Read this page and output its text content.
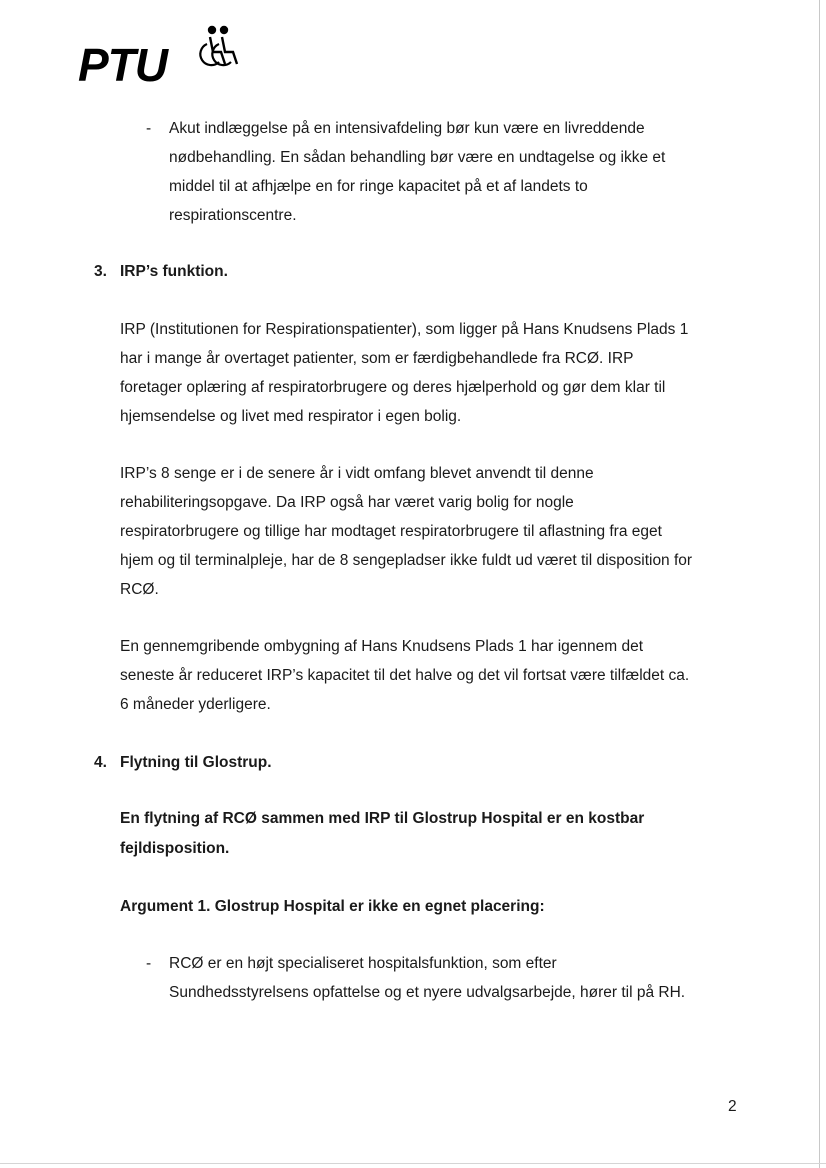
PTU
- Akut indlæggelse på en intensivafdeling bør kun være en livreddende
nødbehandling. En sådan behandling bør være en undtagelse og ikke et
middel til at afhjælpe en for ringe kapacitet på et af landets to
respirationscentre.
3. IRP’s funktion.
IRP (Institutionen for Respirationspatienter), som ligger på Hans Knudsens Plads 1
har i mange år overtaget patienter, som er færdigbehandlede fra RCØ. IRP
foretager oplæring af respiratorbrugere og deres hjælperhold og gør dem klar til
hjemsendelse og livet med respirator i egen bolig.
IRP’s 8 senge er i de senere år i vidt omfang blevet anvendt til denne
rehabiliteringsopgave. Da IRP også har været varig bolig for nogle
respiratorbrugere og tillige har modtaget respiratorbrugere til aflastning fra eget
hjem og til terminalpleje, har de 8 sengepladser ikke fuldt ud været til disposition for
RCØ.
En gennemgribende ombygning af Hans Knudsens Plads 1 har igennem det
seneste år reduceret IRP’s kapacitet til det halve og det vil fortsat være tilfældet ca.
6 måneder yderligere.
4. Flytning til Glostrup.
En flytning af RCØ sammen med IRP til Glostrup Hospital er en kostbar
fejldisposition.
Argument 1. Glostrup Hospital er ikke en egnet placering:
- RCØ er en højt specialiseret hospitalsfunktion, som efter
Sundhedsstyrelsens opfattelse og et nyere udvalgsarbejde, hører til på RH.
2
